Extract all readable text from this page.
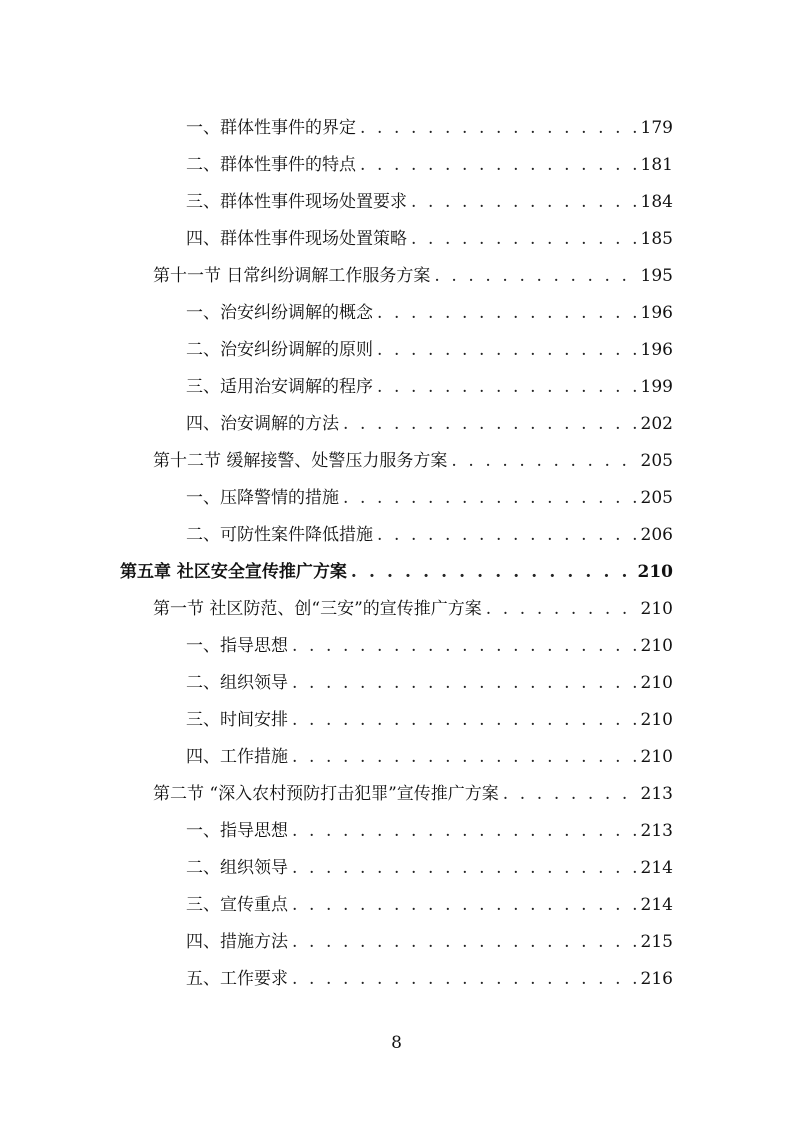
一、群体性事件的界定 . . .	179
二、群体性事件的特点 . . .	181
三、群体性事件现场处置要求 . . .	184
四、群体性事件现场处置策略 . . .	185
第十一节 日常纠纷调解工作服务方案 . . .	195
一、治安纠纷调解的概念 . . .	196
二、治安纠纷调解的原则 . . .	196
三、适用治安调解的程序 . . .	199
四、治安调解的方法 . . .	202
第十二节 缓解接警、处警压力服务方案 . . .	205
一、压降警情的措施 . . .	205
二、可防性案件降低措施 . . .	206
第五章 社区安全宣传推广方案 . . .	210
第一节 社区防范、创“三安”的宣传推广方案 . . .	210
一、指导思想 . . .	210
二、组织领导 . . .	210
三、时间安排 . . .	210
四、工作措施 . . .	210
第二节 “深入农村预防打击犯罪”宣传推广方案 . . .	213
一、指导思想 . . .	213
二、组织领导 . . .	214
三、宣传重点 . . .	214
四、措施方法 . . .	215
五、工作要求 . . .	216
8
